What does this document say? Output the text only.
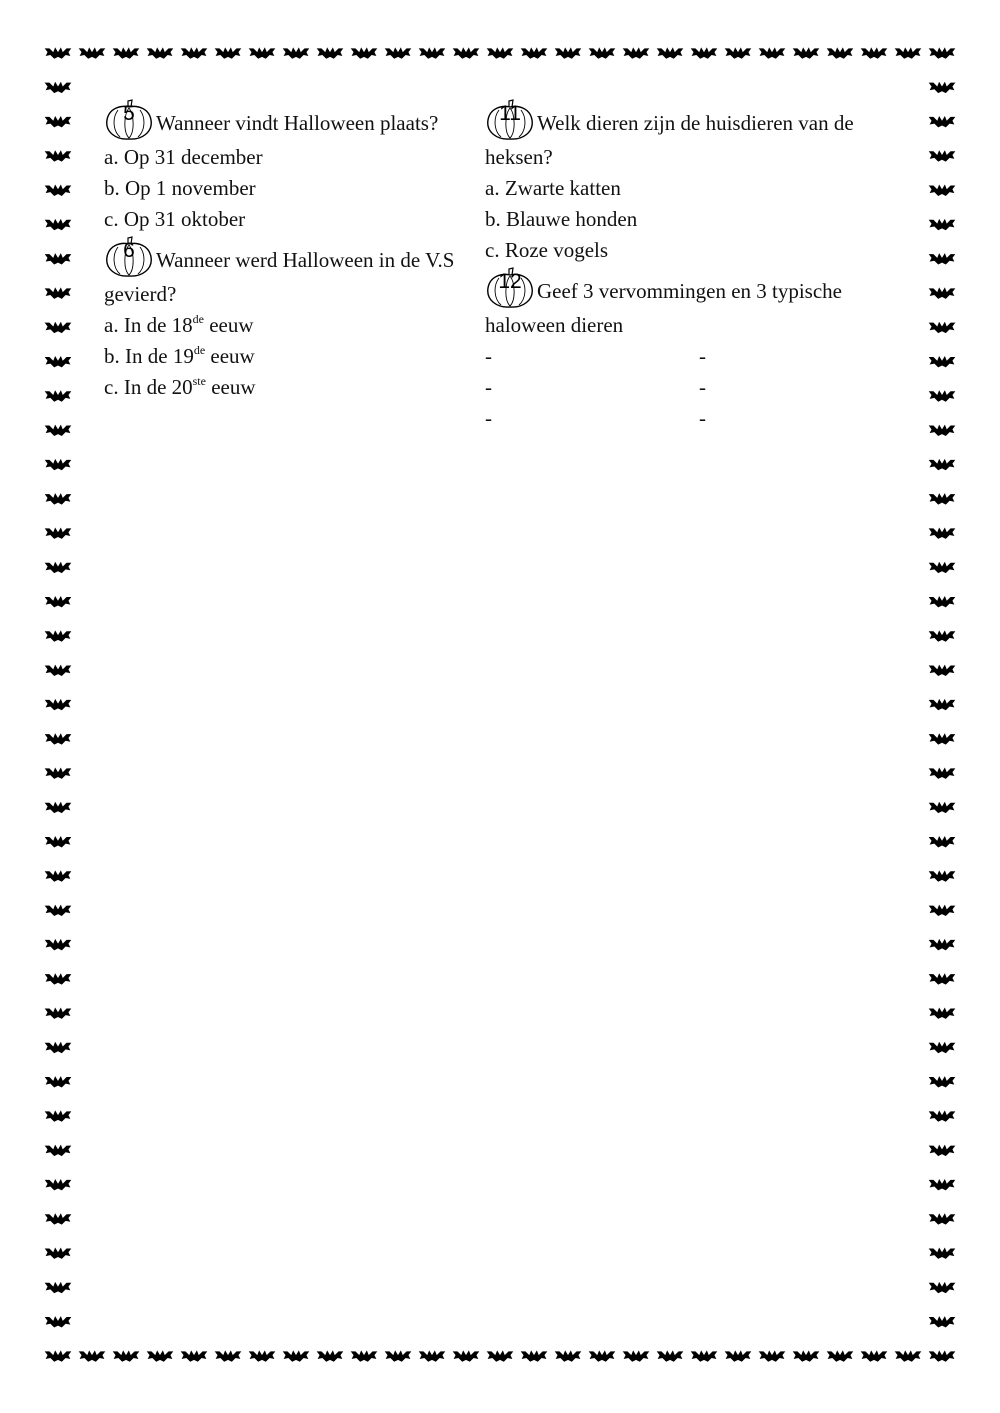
5	Wanneer vindt Halloween plaats?
a. Op 31 december
b. Op 1 november
c. Op 31 oktober
6	Wanneer werd Halloween in de V.S gevierd?
a. In de 18de eeuw
b. In de 19de eeuw
c. In de 20ste eeuw
11 Welk dieren zijn de huisdieren van de heksen?
a. Zwarte katten
b. Blauwe honden
c. Roze vogels
12 Geef 3 vervommingen en 3 typische haloween dieren
-	-
-	-
-	-
